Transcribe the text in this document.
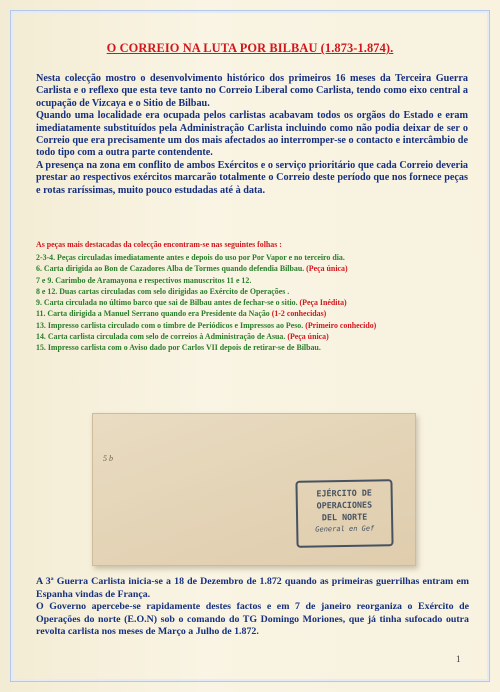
O CORREIO NA LUTA POR BILBAU (1.873-1.874).

Nesta colecção mostro o desenvolvimento histórico dos primeiros 16 meses da Terceira Guerra Carlista e o reflexo que esta teve tanto no Correio Liberal como Carlista, tendo como eixo central a ocupação de Vizcaya e o Sitio de Bilbau.

Quando uma localidade era ocupada pelos carlistas acabavam todos os orgãos do Estado e eram imediatamente substituídos pela Administração Carlista incluindo como não podia deixar de ser o Correio que era precisamente um dos mais afectados ao interromper-se o contacto e intercâmbio de todo tipo com a outra parte contendente.

A presença na zona em conflito de ambos Exércitos e o serviço prioritário que cada Correio deveria prestar ao respectivos exércitos marcarão totalmente o Correio deste período que nos fornece peças e rotas raríssimas, muito pouco estudadas até à data.

As peças mais destacadas da colecção encontram-se nas seguintes folhas :
2-3-4. Peças circuladas imediatamente antes e depois do uso por Por Vapor e no terceiro dia.
6. Carta dirigida ao Bon de Cazadores Alba de Tormes quando defendia Bilbau. (Peça única)
7 e 9. Carimbo de Aramayona e respectivos manuscritos 11 e 12.
8 e 12. Duas cartas circuladas com selo dirigidas ao Exército de Operações .
9. Carta circulada no último barco que sai de Bilbau antes de fechar-se o sitio. (Peça Inédita)
11. Carta dirigida a Manuel Serrano quando era Presidente da Nação (1-2 conhecidas)
13. Impresso carlista circulado com o timbre de Periódicos e Impressos ao Peso. (Primeiro conhecido)
14. Carta carlista circulada com selo de correios à Administração de Asua. (Peça única)
15. Impresso carlista com o Aviso dado por Carlos VII depois de retirar-se de Bilbau.
5 b
EJÉRCITO DE
OPERACIONES
DEL NORTE
General en Gef

A 3ª Guerra Carlista inicia-se a 18 de Dezembro de 1.872 quando as primeiras guerrilhas entram em Espanha vindas de França.

O Governo apercebe-se rapidamente destes factos e em 7 de janeiro reorganiza o Exército de Operações do norte (E.O.N) sob o comando do TG Domingo Moriones, que já tinha sufocado outra revolta carlista nos meses de Março a Julho de 1.872.

1
